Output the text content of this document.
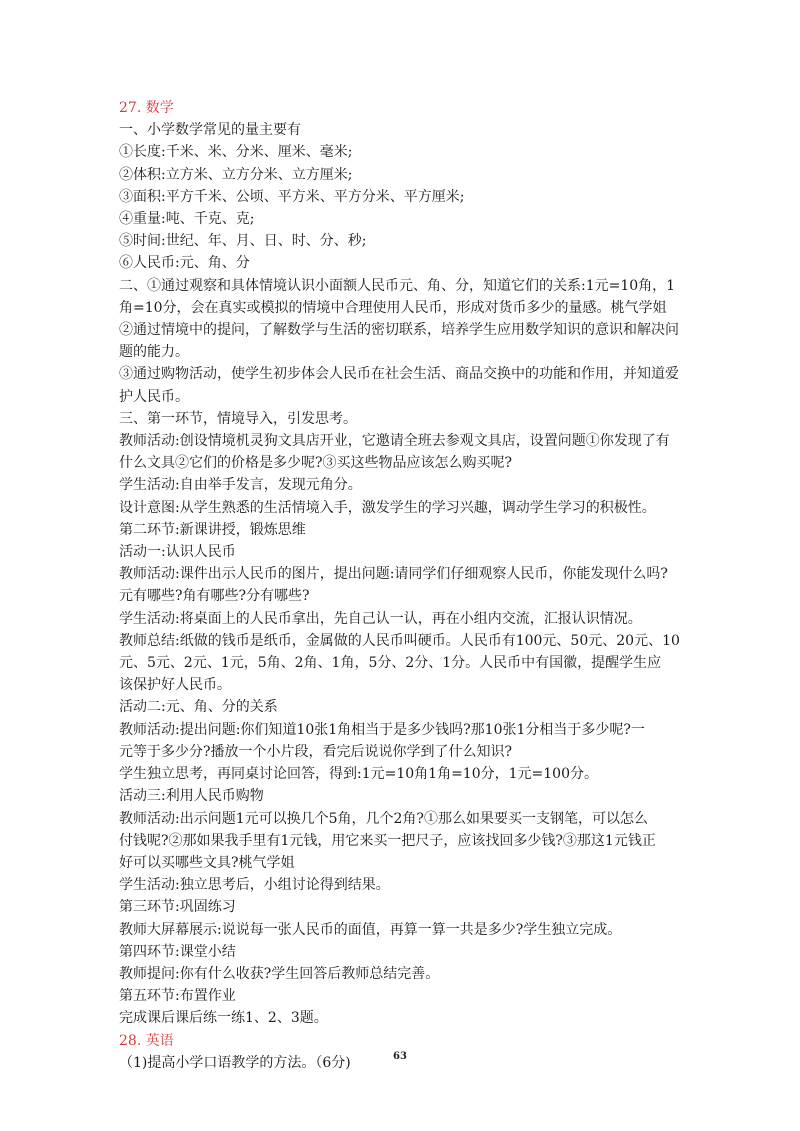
27. 数学

一、小学数学常见的量主要有

①长度:千米、米、分米、厘米、毫米;

②体积:立方米、立方分米、立方厘米;

③面积:平方千米、公顷、平方米、平方分米、平方厘米;

④重量:吨、千克、克;

⑤时间:世纪、年、月、日、时、分、秒;

⑥人民币:元、角、分

二、①通过观察和具体情境认识小面额人民币元、角、分，知道它们的关系:1元=10角，1

角=10分，会在真实或模拟的情境中合理使用人民币，形成对货币多少的量感。桃气学姐

②通过情境中的提问，了解数学与生活的密切联系，培养学生应用数学知识的意识和解决问

题的能力。

③通过购物活动，使学生初步体会人民币在社会生活、商品交换中的功能和作用，并知道爱

护人民币。

三、第一环节，情境导入，引发思考。

教师活动:创设情境机灵狗文具店开业，它邀请全班去参观文具店，设置问题①你发现了有

什么文具②它们的价格是多少呢?③买这些物品应该怎么购买呢?

学生活动:自由举手发言，发现元角分。

设计意图:从学生熟悉的生活情境入手，激发学生的学习兴趣，调动学生学习的积极性。

第二环节:新课讲授，锻炼思维

活动一:认识人民币

教师活动:课件出示人民币的图片，提出问题:请同学们仔细观察人民币，你能发现什么吗?

元有哪些?角有哪些?分有哪些?

学生活动:将桌面上的人民币拿出，先自己认一认，再在小组内交流，汇报认识情况。

教师总结:纸做的钱币是纸币，金属做的人民币叫硬币。人民币有100元、50元、20元、10

元、5元、2元、1元，5角、2角、1角，5分、2分、1分。人民币中有国徽，提醒学生应

该保护好人民币。

活动二:元、角、分的关系

教师活动:提出问题:你们知道10张1角相当于是多少钱吗?那10张1分相当于多少呢?一

元等于多少分?播放一个小片段，看完后说说你学到了什么知识?

学生独立思考，再同桌讨论回答，得到:1元=10角1角=10分，1元=100分。

活动三:利用人民币购物

教师活动:出示问题1元可以换几个5角，几个2角?①那么如果要买一支钢笔，可以怎么

付钱呢?②那如果我手里有1元钱，用它来买一把尺子，应该找回多少钱?③那这1元钱正

好可以买哪些文具?桃气学姐

学生活动:独立思考后，小组讨论得到结果。

第三环节:巩固练习

教师大屏幕展示:说说每一张人民币的面值，再算一算一共是多少?学生独立完成。

第四环节:课堂小结

教师提问:你有什么收获?学生回答后教师总结完善。

第五环节:布置作业

完成课后课后练一练1、2、3题。

28. 英语

（1)提高小学口语教学的方法。（6分)	63
